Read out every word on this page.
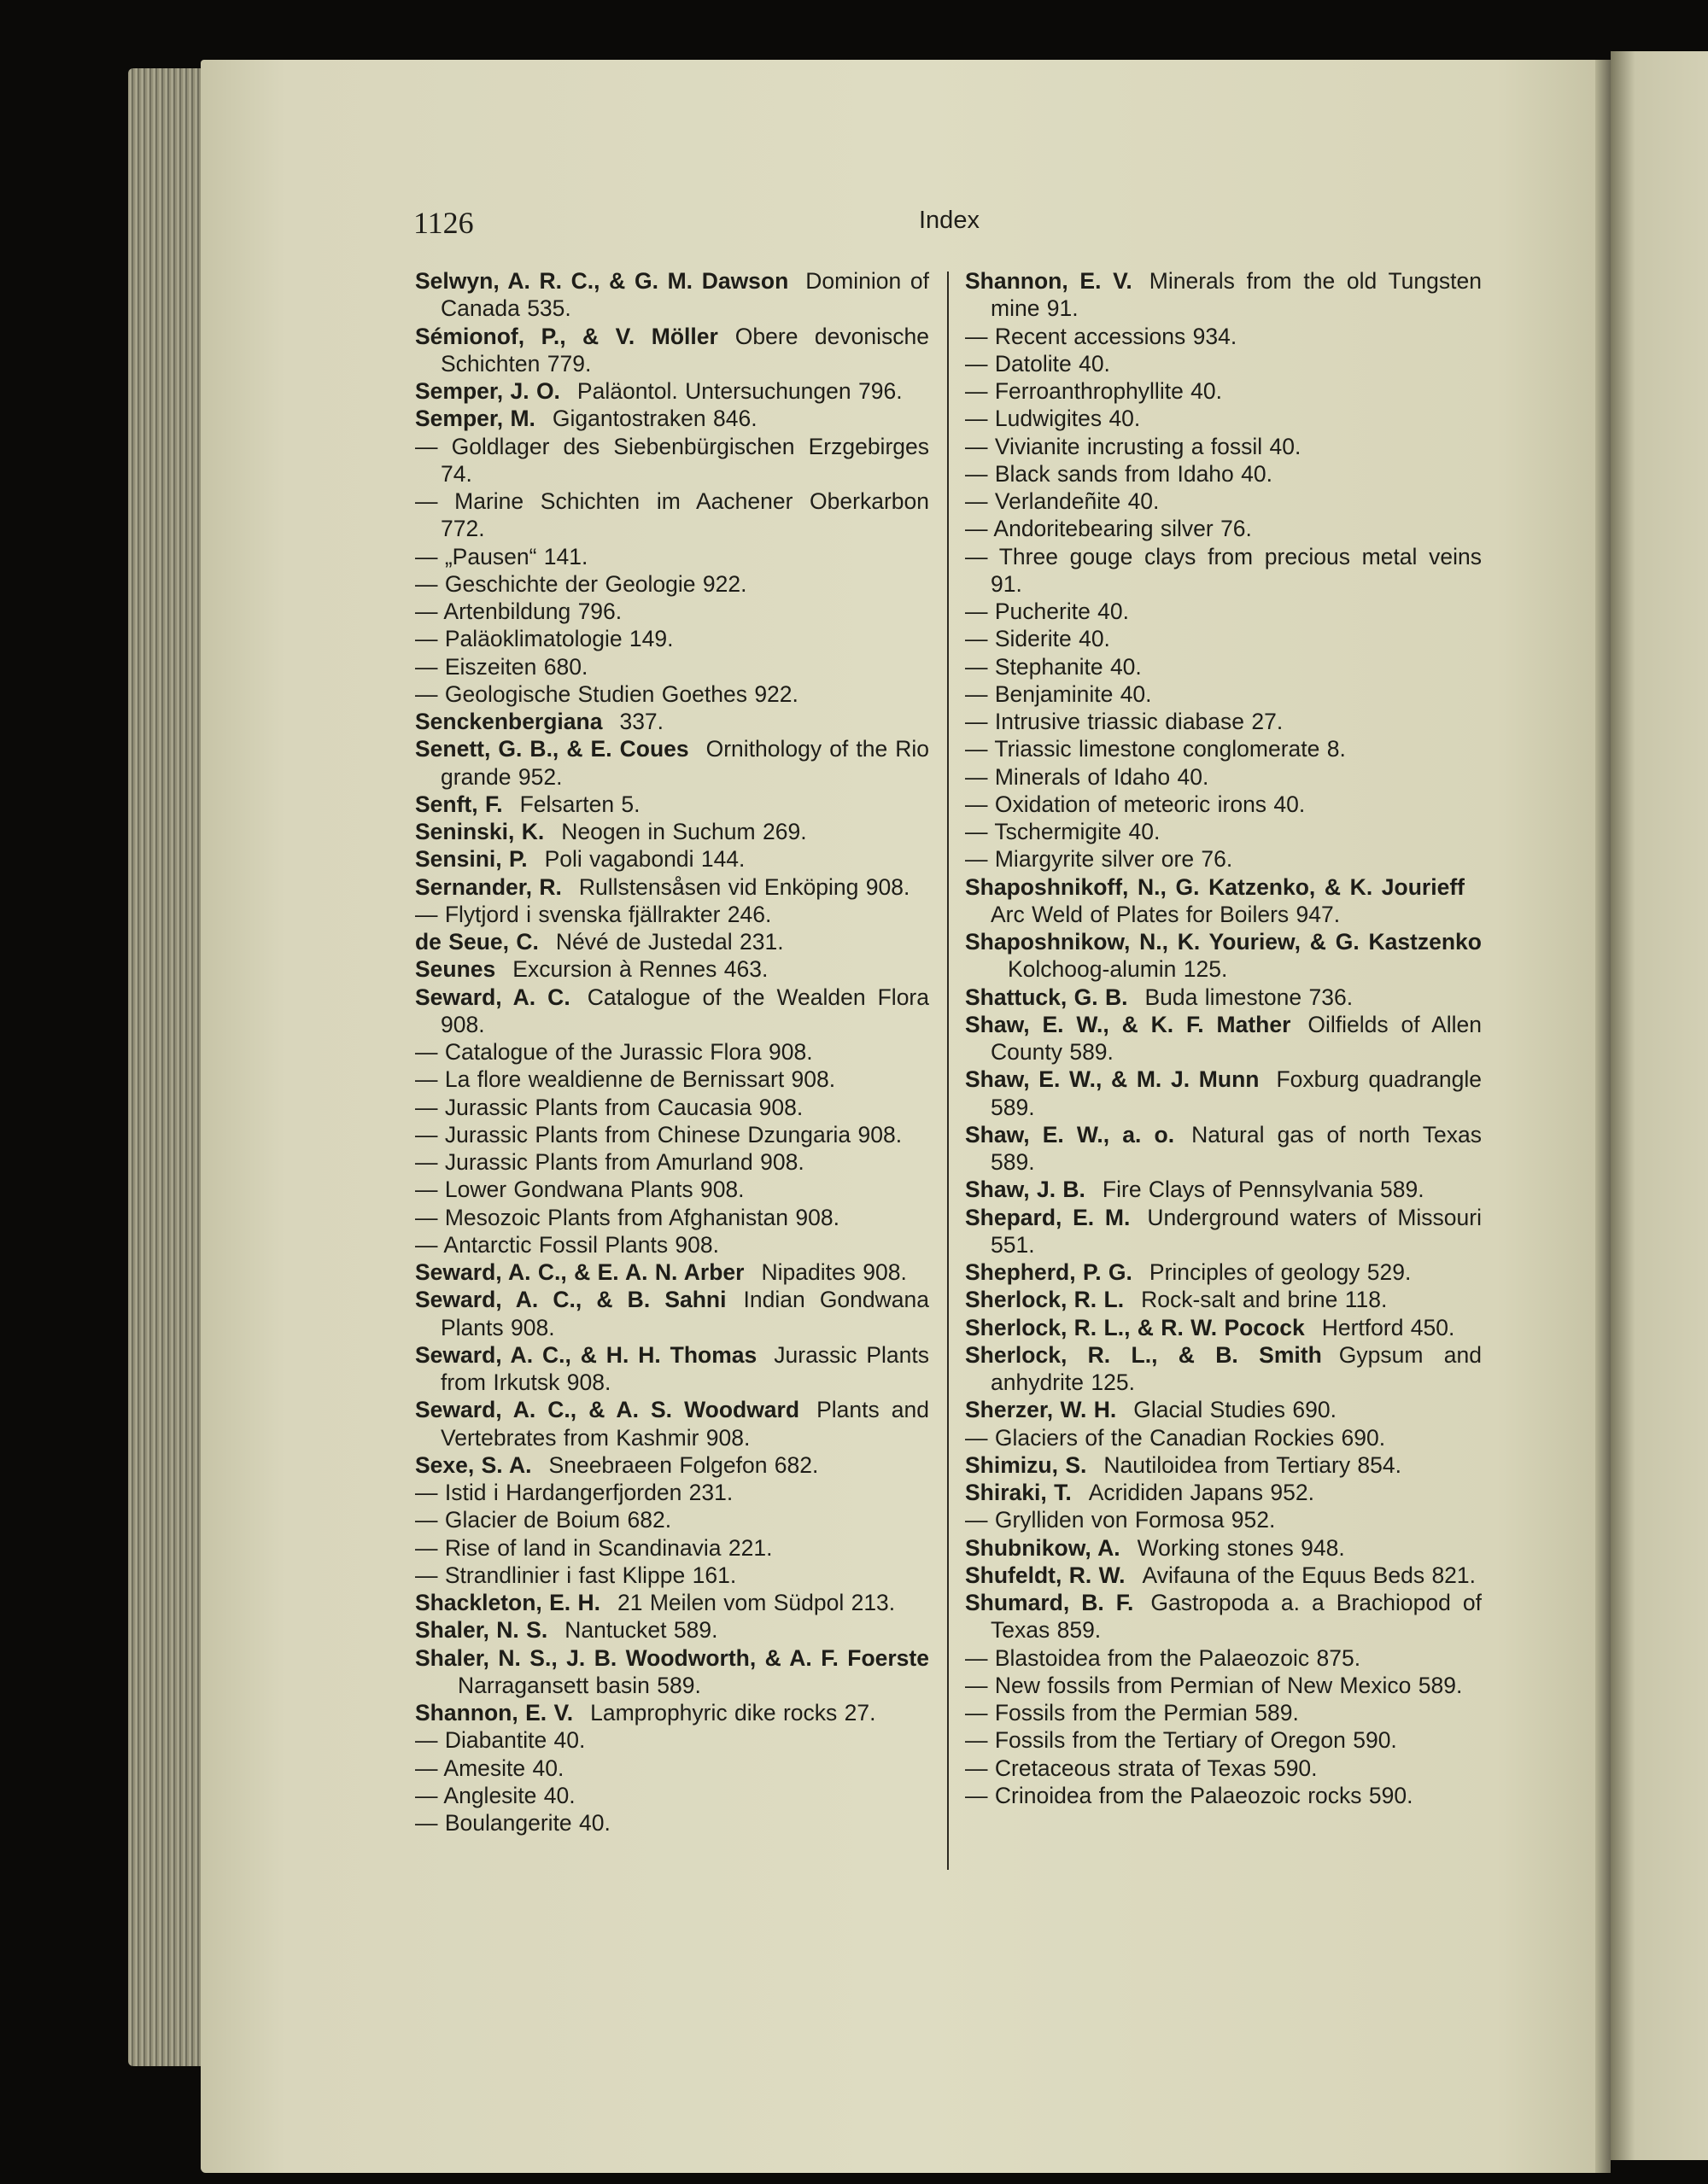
1126	Index
Selwyn, A. R. C., & G. M. Dawson Dominion of Canada 535.
Sémionof, P., & V. Möller Obere devonische Schichten 779.
Semper, J. O. Paläontol. Untersuchungen 796.
Semper, M. Gigantostraken 846.
— Goldlager des Siebenbürgischen Erzgebirges 74.
— Marine Schichten im Aachener Oberkarbon 772.
— „Pausen“ 141.
— Geschichte der Geologie 922.
— Artenbildung 796.
— Paläoklimatologie 149.
— Eiszeiten 680.
— Geologische Studien Goethes 922.
Senckenbergiana 337.
Senett, G. B., & E. Coues Ornithology of the Rio grande 952.
Senft, F. Felsarten 5.
Seninski, K. Neogen in Suchum 269.
Sensini, P. Poli vagabondi 144.
Sernander, R. Rullstensåsen vid Enköping 908.
— Flytjord i svenska fjällrakter 246.
de Seue, C. Névé de Justedal 231.
Seunes Excursion à Rennes 463.
Seward, A. C. Catalogue of the Wealden Flora 908.
— Catalogue of the Jurassic Flora 908.
— La flore wealdienne de Bernissart 908.
— Jurassic Plants from Caucasia 908.
— Jurassic Plants from Chinese Dzungaria 908.
— Jurassic Plants from Amurland 908.
— Lower Gondwana Plants 908.
— Mesozoic Plants from Afghanistan 908.
— Antarctic Fossil Plants 908.
Seward, A. C., & E. A. N. Arber Nipadites 908.
Seward, A. C., & B. Sahni Indian Gondwana Plants 908.
Seward, A. C., & H. H. Thomas Jurassic Plants from Irkutsk 908.
Seward, A. C., & A. S. Woodward Plants and Vertebrates from Kashmir 908.
Sexe, S. A. Sneebraeen Folgefon 682.
— Istid i Hardangerfjorden 231.
— Glacier de Boium 682.
— Rise of land in Scandinavia 221.
— Strandlinier i fast Klippe 161.
Shackleton, E. H. 21 Meilen vom Südpol 213.
Shaler, N. S. Nantucket 589.
Shaler, N. S., J. B. Woodworth, & A. F. FoersteNarragansett basin 589.
Shannon, E. V. Lamprophyric dike rocks 27.
— Diabantite 40.
— Amesite 40.
— Anglesite 40.
— Boulangerite 40.
Shannon, E. V. Minerals from the old Tungsten mine 91.
— Recent accessions 934.
— Datolite 40.
— Ferroanthrophyllite 40.
— Ludwigites 40.
— Vivianite incrusting a fossil 40.
— Black sands from Idaho 40.
— Verlandeñite 40.
— Andoritebearing silver 76.
— Three gouge clays from precious metal veins 91.
— Pucherite 40.
— Siderite 40.
— Stephanite 40.
— Benjaminite 40.
— Intrusive triassic diabase 27.
— Triassic limestone conglomerate 8.
— Minerals of Idaho 40.
— Oxidation of meteoric irons 40.
— Tschermigite 40.
— Miargyrite silver ore 76.
Shaposhnikoff, N., G. Katzenko, & K. JourieffArc Weld of Plates for Boilers 947.
Shaposhnikow, N., K. Youriew, & G. KastzenkoKolchoog-alumin 125.
Shattuck, G. B. Buda limestone 736.
Shaw, E. W., & K. F. Mather Oilfields of Allen County 589.
Shaw, E. W., & M. J. Munn Foxburg quadrangle 589.
Shaw, E. W., a. o. Natural gas of north Texas 589.
Shaw, J. B. Fire Clays of Pennsylvania 589.
Shepard, E. M. Underground waters of Missouri 551.
Shepherd, P. G. Principles of geology 529.
Sherlock, R. L. Rock-salt and brine 118.
Sherlock, R. L., & R. W. Pocock Hertford 450.
Sherlock, R. L., & B. Smith Gypsum and anhydrite 125.
Sherzer, W. H. Glacial Studies 690.
— Glaciers of the Canadian Rockies 690.
Shimizu, S. Nautiloidea from Tertiary 854.
Shiraki, T. Acrididen Japans 952.
— Grylliden von Formosa 952.
Shubnikow, A. Working stones 948.
Shufeldt, R. W. Avifauna of the Equus Beds 821.
Shumard, B. F. Gastropoda a. a Brachiopod of Texas 859.
— Blastoidea from the Palaeozoic 875.
— New fossils from Permian of New Mexico 589.
— Fossils from the Permian 589.
— Fossils from the Tertiary of Oregon 590.
— Cretaceous strata of Texas 590.
— Crinoidea from the Palaeozoic rocks 590.
